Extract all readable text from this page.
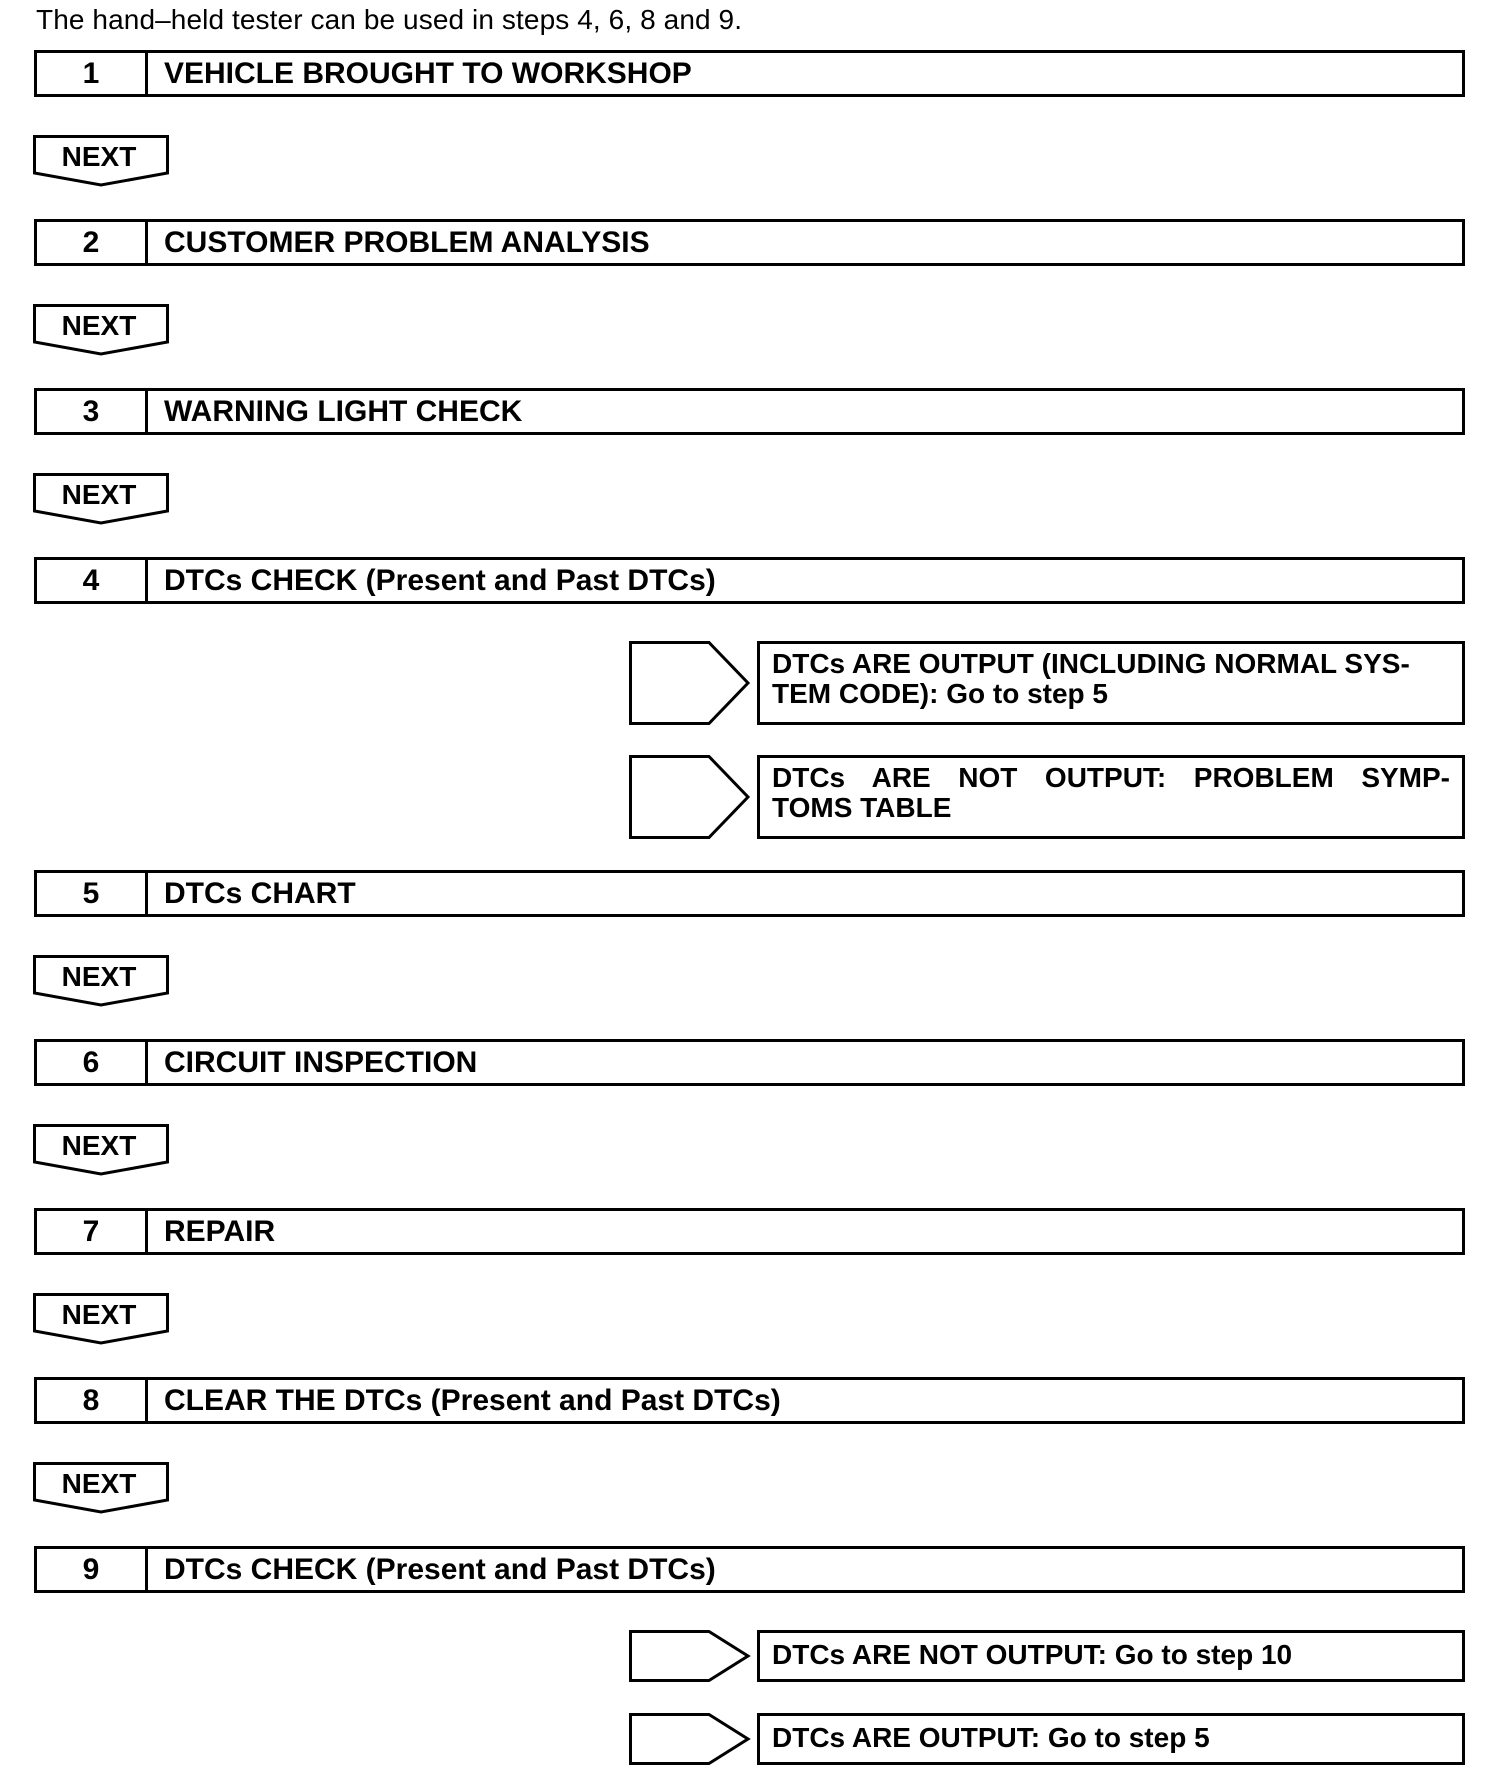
The hand–held tester can be used in steps 4, 6, 8 and 9.
1	VEHICLE BROUGHT TO WORKSHOP
NEXT
2	CUSTOMER PROBLEM ANALYSIS
NEXT
3	WARNING LIGHT CHECK
NEXT
4	DTCs CHECK (Present and Past DTCs)
DTCs ARE OUTPUT (INCLUDING NORMAL SYS-
TEM CODE): Go to step 5
DTCs ARE NOT OUTPUT: PROBLEM SYMP-
TOMS TABLE
5	DTCs CHART
NEXT
6	CIRCUIT INSPECTION
NEXT
7	REPAIR
NEXT
8	CLEAR THE DTCs (Present and Past DTCs)
NEXT
9	DTCs CHECK (Present and Past DTCs)
DTCs ARE NOT OUTPUT: Go to step 10
DTCs ARE OUTPUT: Go to step 5
